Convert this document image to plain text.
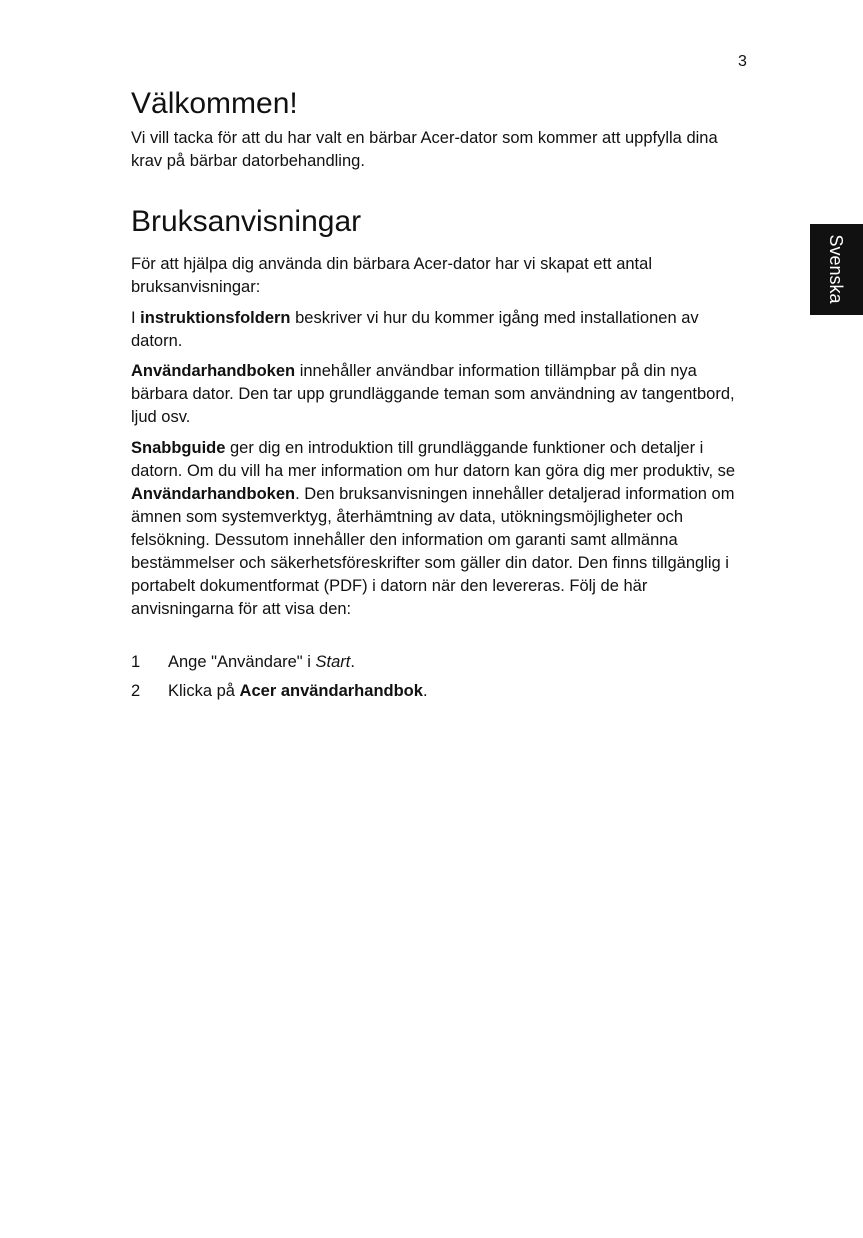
3
Svenska
Välkommen!

Vi vill tacka för att du har valt en bärbar Acer-dator som kommer att uppfylla dina krav på bärbar datorbehandling.

Bruksanvisningar

För att hjälpa dig använda din bärbara Acer-dator har vi skapat ett antal bruksanvisningar:

I instruktionsfoldern beskriver vi hur du kommer igång med installationen av datorn.

Användarhandboken innehåller användbar information tillämpbar på din nya bärbara dator. Den tar upp grundläggande teman som användning av tangentbord, ljud osv.

Snabbguide ger dig en introduktion till grundläggande funktioner och detaljer i datorn. Om du vill ha mer information om hur datorn kan göra dig mer produktiv, se Användarhandboken. Den bruksanvisningen innehåller detaljerad information om ämnen som systemverktyg, återhämtning av data, utökningsmöjligheter och felsökning. Dessutom innehåller den information om garanti samt allmänna bestämmelser och säkerhetsföreskrifter som gäller din dator. Den finns tillgänglig i portabelt dokumentformat (PDF) i datorn när den levereras. Följ de här anvisningarna för att visa den:

1 Ange "Användare" i Start.
2 Klicka på Acer användarhandbok.
